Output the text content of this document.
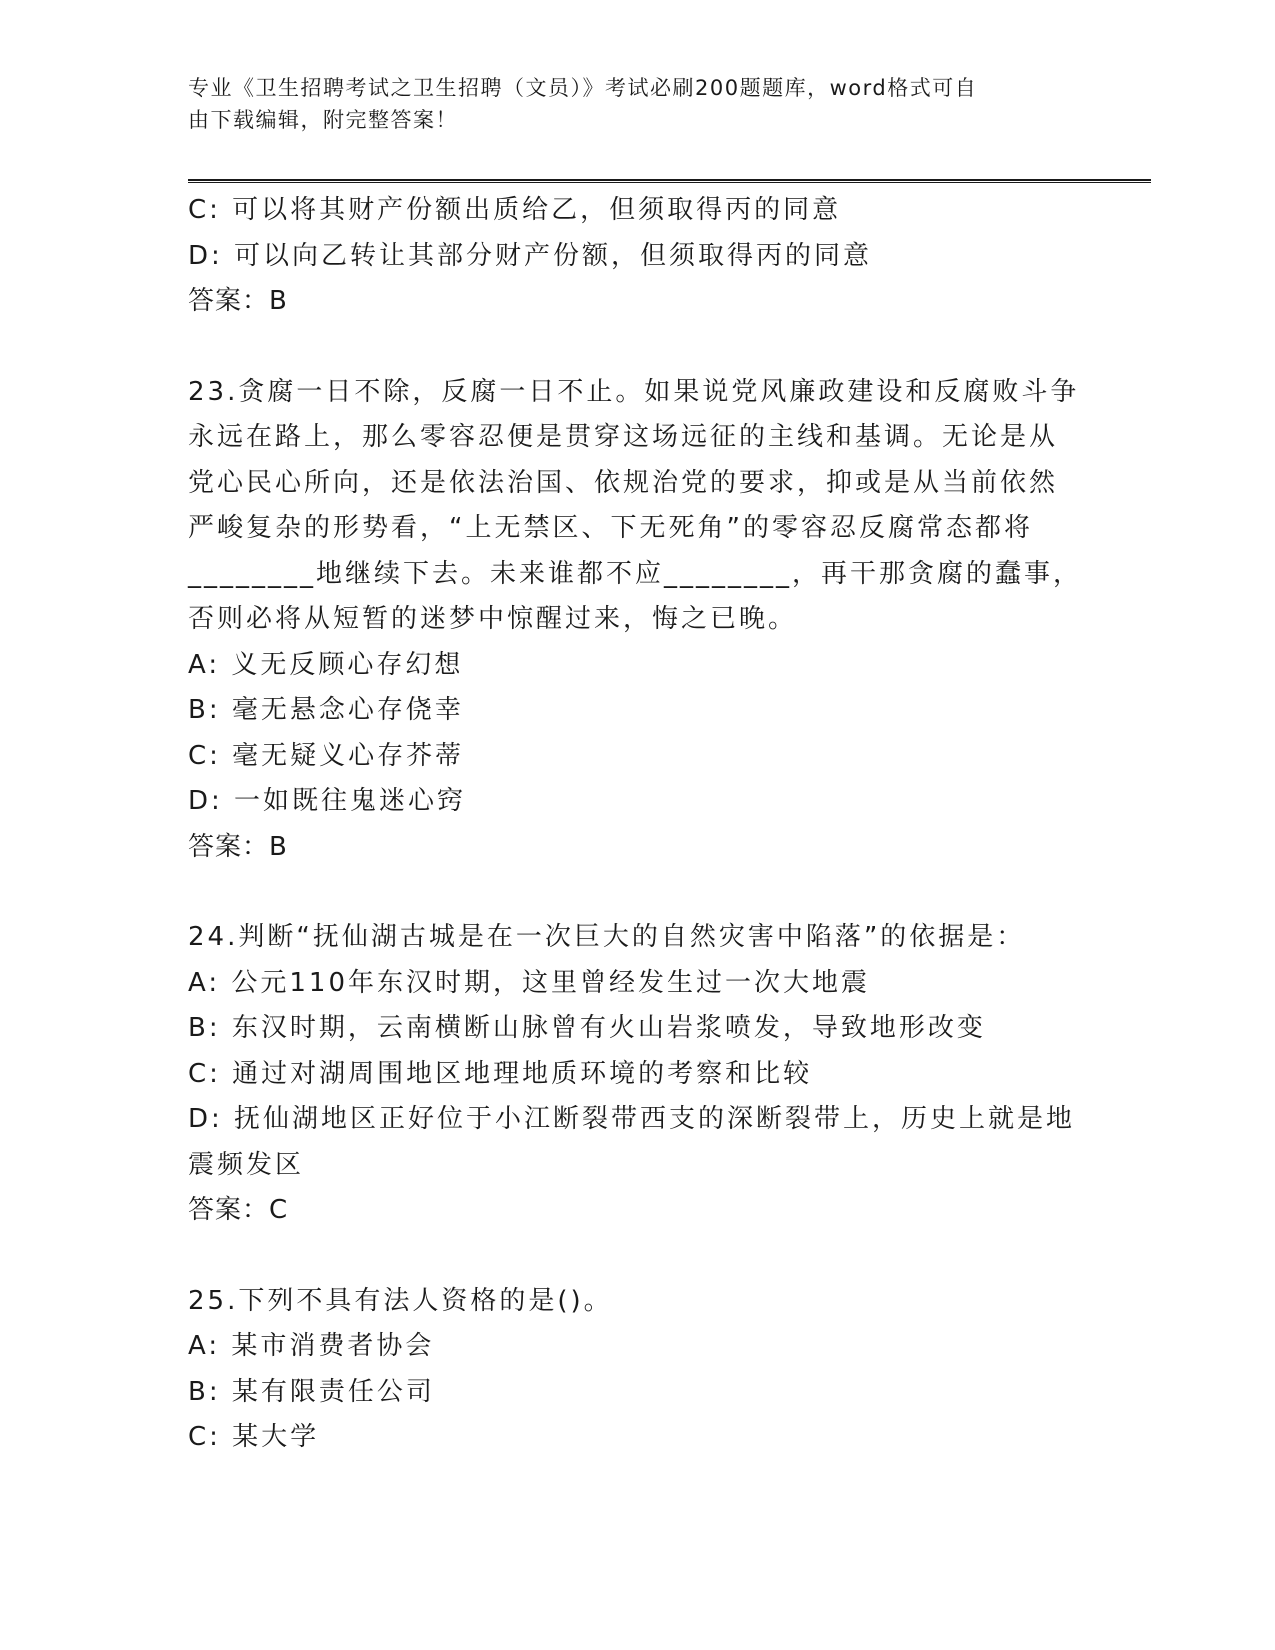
专业《卫生招聘考试之卫生招聘（文员）》考试必刷200题题库，word格式可自
由下载编辑，附完整答案！
C: 可以将其财产份额出质给乙，但须取得丙的同意
D: 可以向乙转让其部分财产份额，但须取得丙的同意
答案：B
23.贪腐一日不除，反腐一日不止。如果说党风廉政建设和反腐败斗争
永远在路上，那么零容忍便是贯穿这场远征的主线和基调。无论是从
党心民心所向，还是依法治国、依规治党的要求，抑或是从当前依然
严峻复杂的形势看，“上无禁区、下无死角”的零容忍反腐常态都将
________地继续下去。未来谁都不应________，再干那贪腐的蠢事，
否则必将从短暂的迷梦中惊醒过来，悔之已晚。
A: 义无反顾心存幻想
B: 毫无悬念心存侥幸
C: 毫无疑义心存芥蒂
D: 一如既往鬼迷心窍
答案：B
24.判断“抚仙湖古城是在一次巨大的自然灾害中陷落”的依据是：
A: 公元110年东汉时期，这里曾经发生过一次大地震
B: 东汉时期，云南横断山脉曾有火山岩浆喷发，导致地形改变
C: 通过对湖周围地区地理地质环境的考察和比较
D: 抚仙湖地区正好位于小江断裂带西支的深断裂带上，历史上就是地
震频发区
答案：C
25.下列不具有法人资格的是()。
A: 某市消费者协会
B: 某有限责任公司
C: 某大学
